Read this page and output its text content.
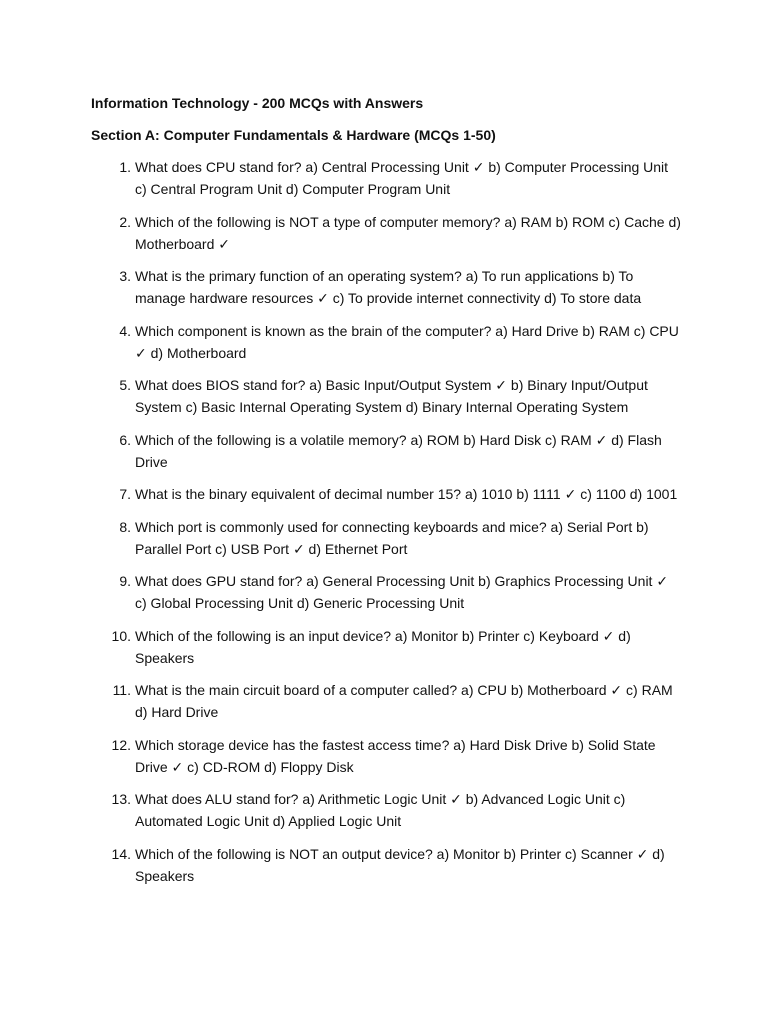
Information Technology - 200 MCQs with Answers
Section A: Computer Fundamentals & Hardware (MCQs 1-50)
1. What does CPU stand for? a) Central Processing Unit ✓ b) Computer Processing Unit c) Central Program Unit d) Computer Program Unit
2. Which of the following is NOT a type of computer memory? a) RAM b) ROM c) Cache d) Motherboard ✓
3. What is the primary function of an operating system? a) To run applications b) To manage hardware resources ✓ c) To provide internet connectivity d) To store data
4. Which component is known as the brain of the computer? a) Hard Drive b) RAM c) CPU ✓ d) Motherboard
5. What does BIOS stand for? a) Basic Input/Output System ✓ b) Binary Input/Output System c) Basic Internal Operating System d) Binary Internal Operating System
6. Which of the following is a volatile memory? a) ROM b) Hard Disk c) RAM ✓ d) Flash Drive
7. What is the binary equivalent of decimal number 15? a) 1010 b) 1111 ✓ c) 1100 d) 1001
8. Which port is commonly used for connecting keyboards and mice? a) Serial Port b) Parallel Port c) USB Port ✓ d) Ethernet Port
9. What does GPU stand for? a) General Processing Unit b) Graphics Processing Unit ✓ c) Global Processing Unit d) Generic Processing Unit
10. Which of the following is an input device? a) Monitor b) Printer c) Keyboard ✓ d) Speakers
11. What is the main circuit board of a computer called? a) CPU b) Motherboard ✓ c) RAM d) Hard Drive
12. Which storage device has the fastest access time? a) Hard Disk Drive b) Solid State Drive ✓ c) CD-ROM d) Floppy Disk
13. What does ALU stand for? a) Arithmetic Logic Unit ✓ b) Advanced Logic Unit c) Automated Logic Unit d) Applied Logic Unit
14. Which of the following is NOT an output device? a) Monitor b) Printer c) Scanner ✓ d) Speakers
